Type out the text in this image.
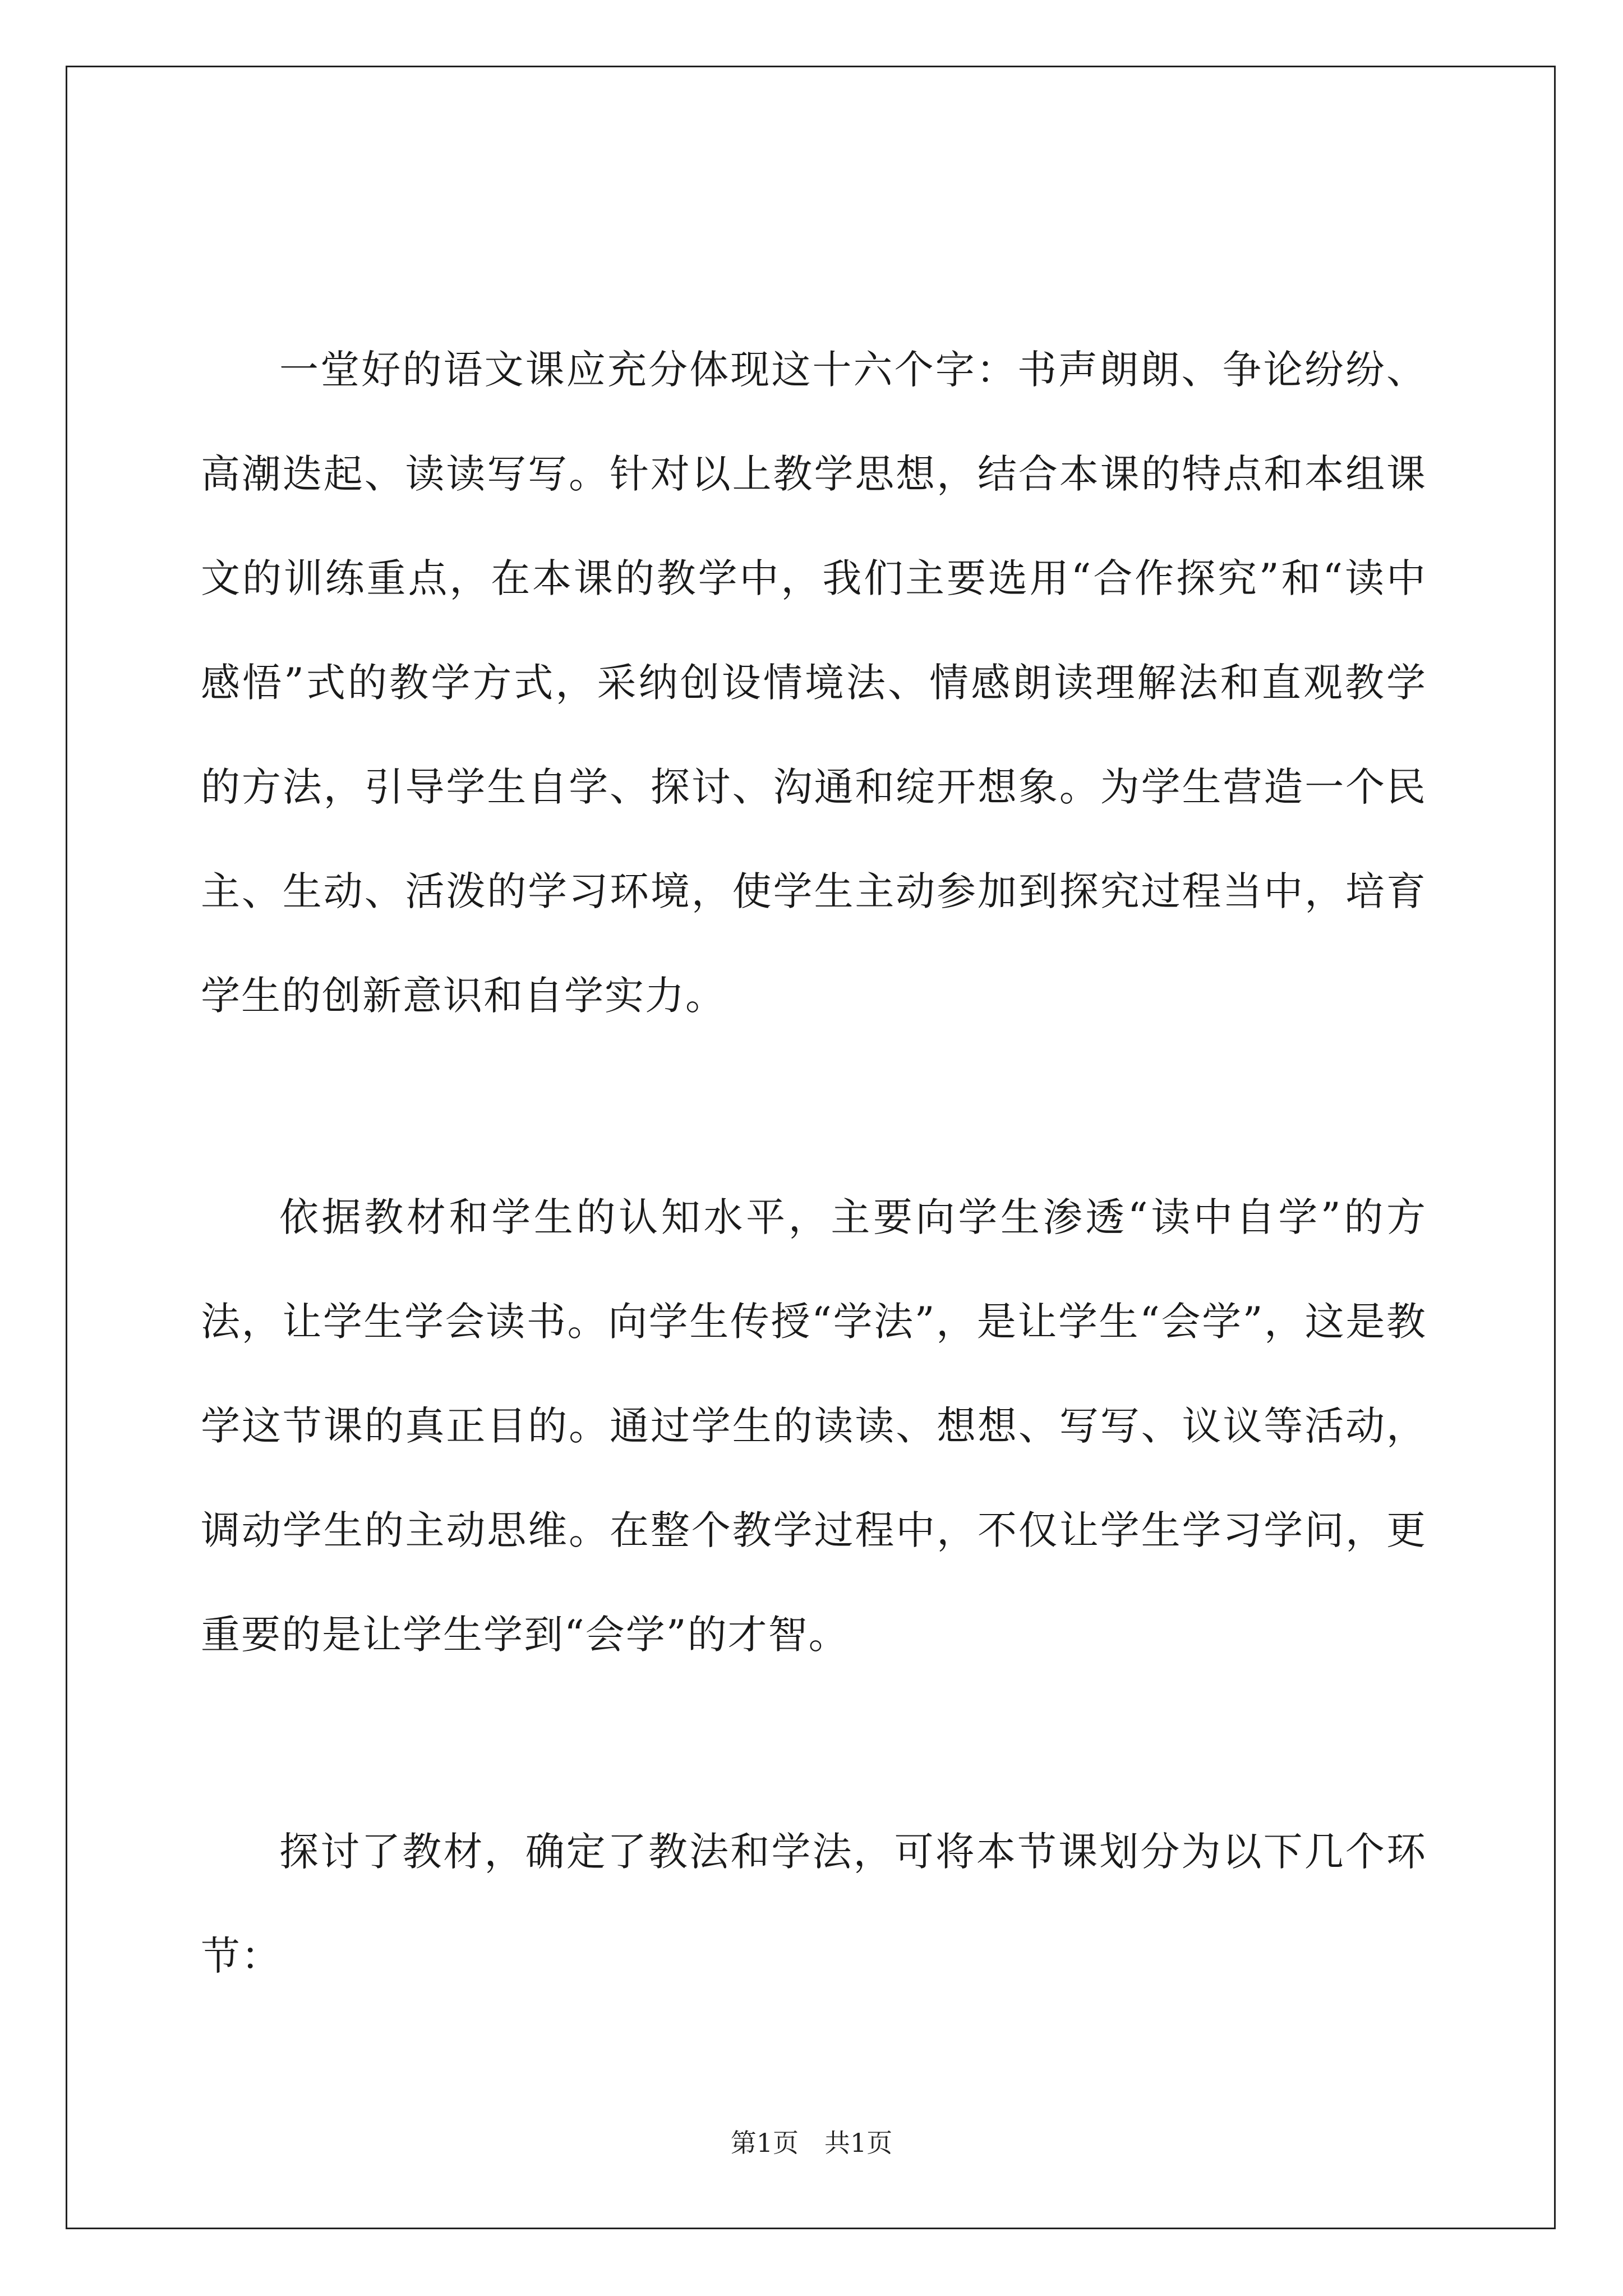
一堂好的语文课应充分体现这十六个字：书声朗朗、争论纷纷、高潮迭起、读读写写。针对以上教学思想，结合本课的特点和本组课文的训练重点，在本课的教学中，我们主要选用“合作探究”和“读中感悟”式的教学方式，采纳创设情境法、情感朗读理解法和直观教学的方法，引导学生自学、探讨、沟通和绽开想象。为学生营造一个民主、生动、活泼的学习环境，使学生主动参加到探究过程当中，培育学生的创新意识和自学实力。

依据教材和学生的认知水平，主要向学生渗透“读中自学”的方法，让学生学会读书。向学生传授“学法”，是让学生“会学”，这是教学这节课的真正目的。通过学生的读读、想想、写写、议议等活动，调动学生的主动思维。在整个教学过程中，不仅让学生学习学问，更重要的是让学生学到“会学”的才智。

探讨了教材，确定了教法和学法，可将本节课划分为以下几个环节：

第1页　共1页
